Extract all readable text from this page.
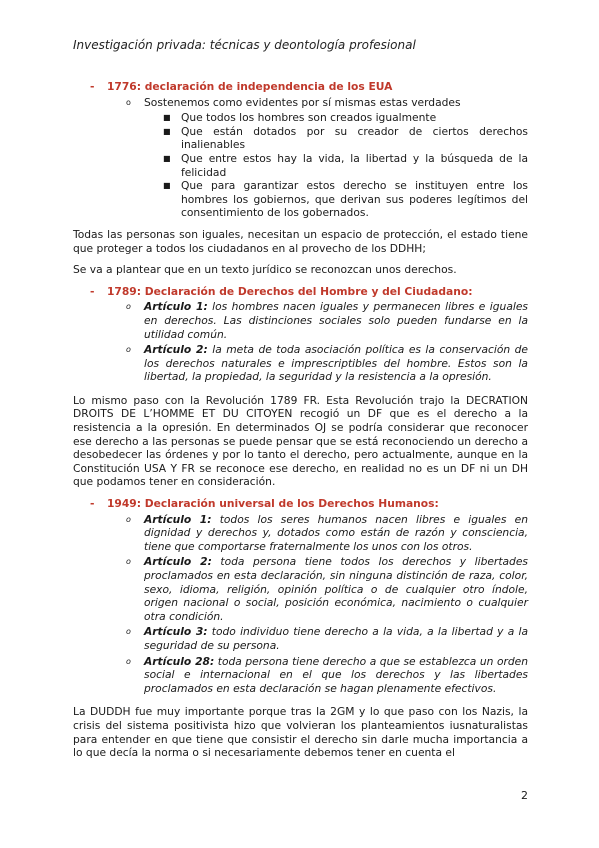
Investigación privada: técnicas y deontología profesional
- 1776: declaración de independencia de los EUA
o Sostenemos como evidentes por sí mismas estas verdades
■ Que todos los hombres son creados igualmente
■ Que están dotados por su creador de ciertos derechos inalienables
■ Que entre estos hay la vida, la libertad y la búsqueda de la felicidad
■ Que para garantizar estos derecho se instituyen entre los hombres los gobiernos, que derivan sus poderes legítimos del consentimiento de los gobernados.

Todas las personas son iguales, necesitan un espacio de protección, el estado tiene que proteger a todos los ciudadanos en al provecho de los DDHH;

Se va a plantear que en un texto jurídico se reconozcan unos derechos.

- 1789: Declaración de Derechos del Hombre y del Ciudadano:
o Artículo 1: los hombres nacen iguales y permanecen libres e iguales en derechos. Las distinciones sociales solo pueden fundarse en la utilidad común.
o Artículo 2: la meta de toda asociación política es la conservación de los derechos naturales e imprescriptibles del hombre. Estos son la libertad, la propiedad, la seguridad y la resistencia a la opresión.

Lo mismo paso con la Revolución 1789 FR. Esta Revolución trajo la DECRATION DROITS DE L’HOMME ET DU CITOYEN recogió un DF que es el derecho a la resistencia a la opresión. En determinados OJ se podría considerar que reconocer ese derecho a las personas se puede pensar que se está reconociendo un derecho a desobedecer las órdenes y por lo tanto el derecho, pero actualmente, aunque en la Constitución USA Y FR se reconoce ese derecho, en realidad no es un DF ni un DH que podamos tener en consideración.

- 1949: Declaración universal de los Derechos Humanos:
o Artículo 1: todos los seres humanos nacen libres e iguales en dignidad y derechos y, dotados como están de razón y consciencia, tiene que comportarse fraternalmente los unos con los otros.
o Artículo 2: toda persona tiene todos los derechos y libertades proclamados en esta declaración, sin ninguna distinción de raza, color, sexo, idioma, religión, opinión política o de cualquier otro índole, origen nacional o social, posición económica, nacimiento o cualquier otra condición.
o Artículo 3: todo individuo tiene derecho a la vida, a la libertad y a la seguridad de su persona.
o Artículo 28: toda persona tiene derecho a que se establezca un orden social e internacional en el que los derechos y las libertades proclamados en esta declaración se hagan plenamente efectivos.

La DUDDH fue muy importante porque tras la 2GM y lo que paso con los Nazis, la crisis del sistema positivista hizo que volvieran los planteamientos iusnaturalistas para entender en que tiene que consistir el derecho sin darle mucha importancia a lo que decía la norma o si necesariamente debemos tener en cuenta el

2
